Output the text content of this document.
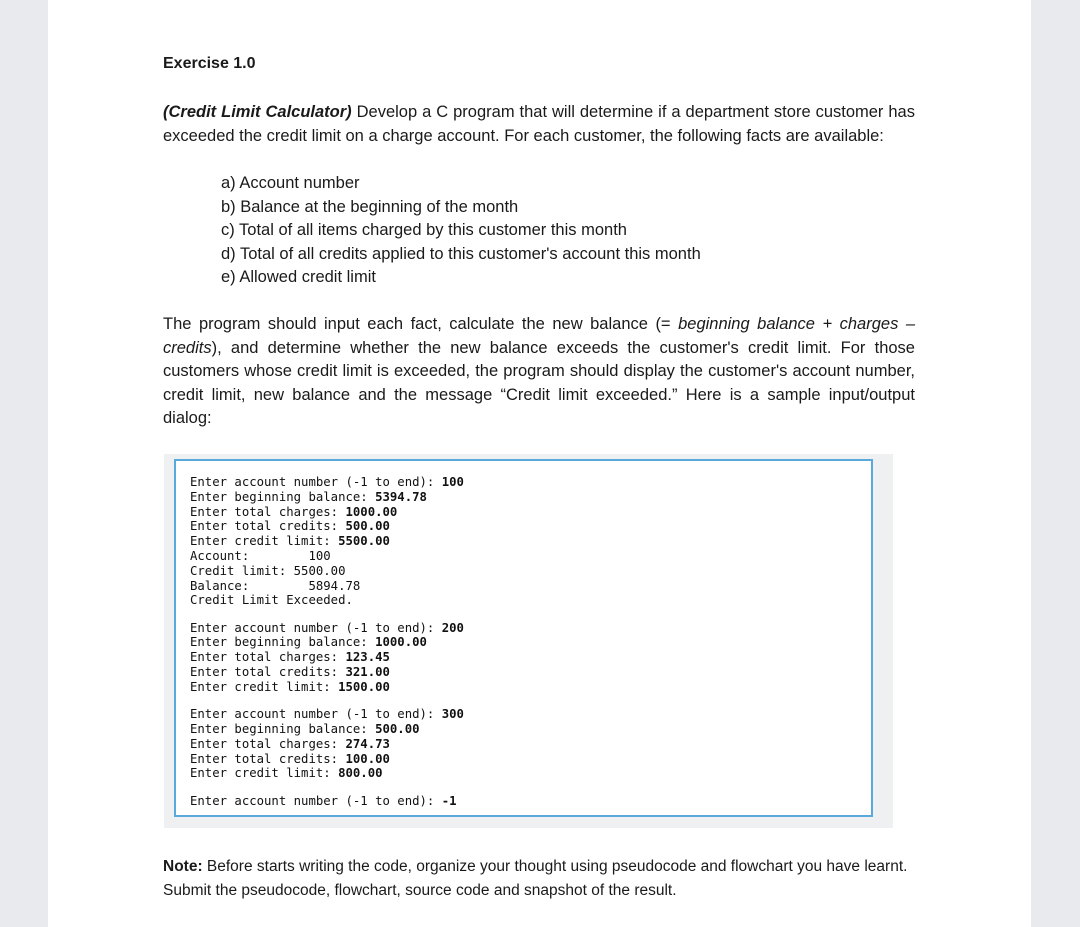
Exercise 1.0

(Credit Limit Calculator) Develop a C program that will determine if a department store customer has exceeded the credit limit on a charge account. For each customer, the following facts are available:

a) Account number
b) Balance at the beginning of the month
c) Total of all items charged by this customer this month
d) Total of all credits applied to this customer's account this month
e) Allowed credit limit

The program should input each fact, calculate the new balance (= beginning balance + charges – credits), and determine whether the new balance exceeds the customer's credit limit. For those customers whose credit limit is exceeded, the program should display the customer's account number, credit limit, new balance and the message “Credit limit exceeded.” Here is a sample input/output dialog:

Enter account number (-1 to end): 100
Enter beginning balance: 5394.78
Enter total charges: 1000.00
Enter total credits: 500.00
Enter credit limit: 5500.00
Account:        100
Credit limit: 5500.00
Balance:        5894.78
Credit Limit Exceeded.
Enter account number (-1 to end): 200
Enter beginning balance: 1000.00
Enter total charges: 123.45
Enter total credits: 321.00
Enter credit limit: 1500.00
Enter account number (-1 to end): 300
Enter beginning balance: 500.00
Enter total charges: 274.73
Enter total credits: 100.00
Enter credit limit: 800.00
Enter account number (-1 to end): -1

Note: Before starts writing the code, organize your thought using pseudocode and flowchart you have learnt. Submit the pseudocode, flowchart, source code and snapshot of the result.
